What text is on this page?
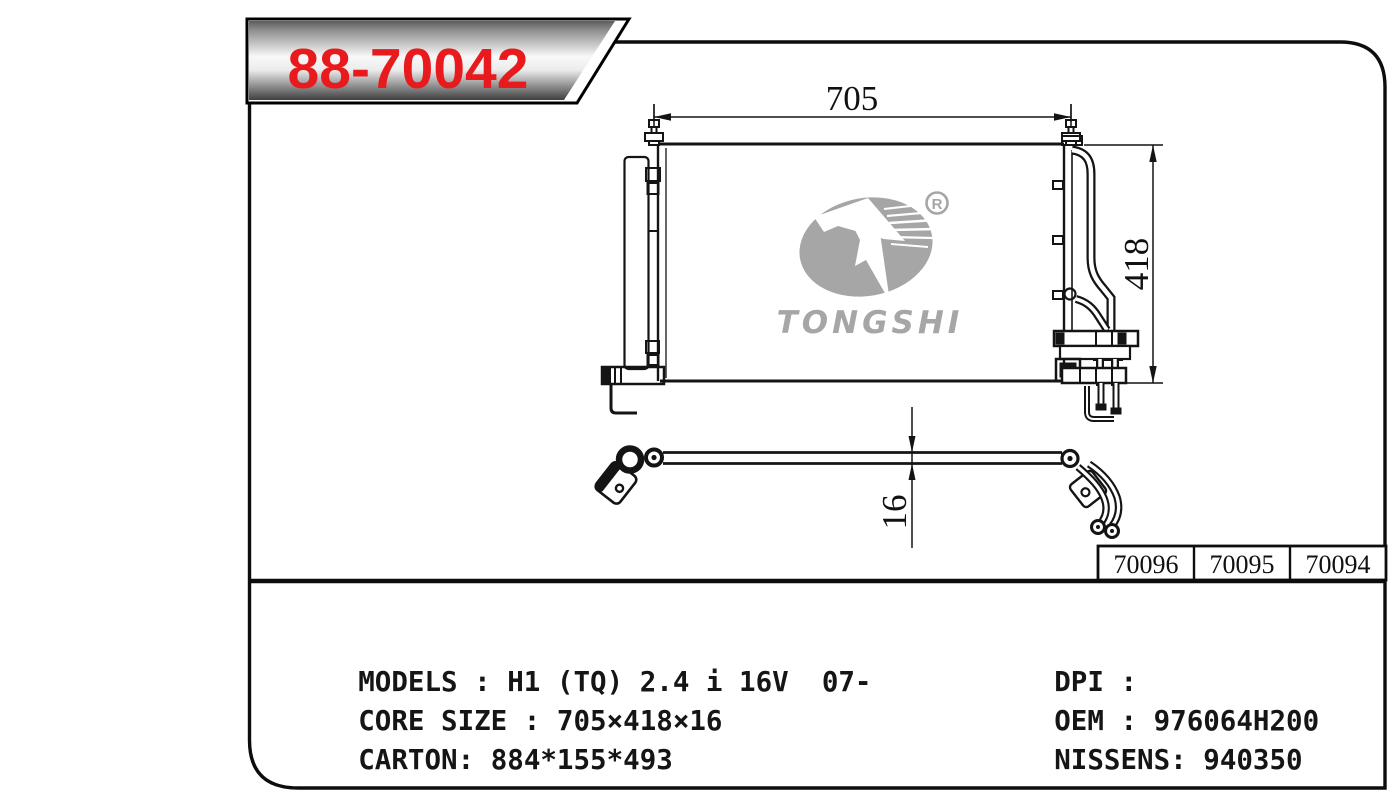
70096 70095 70094
R
TONGSHI
705
418
16
88-70042

MODELS : H1 (TQ) 2.4 i 16V  07-

CORE SIZE : 705×418×16

CARTON: 884*155*493

DPI :

OEM : 976064H200

NISSENS: 940350
